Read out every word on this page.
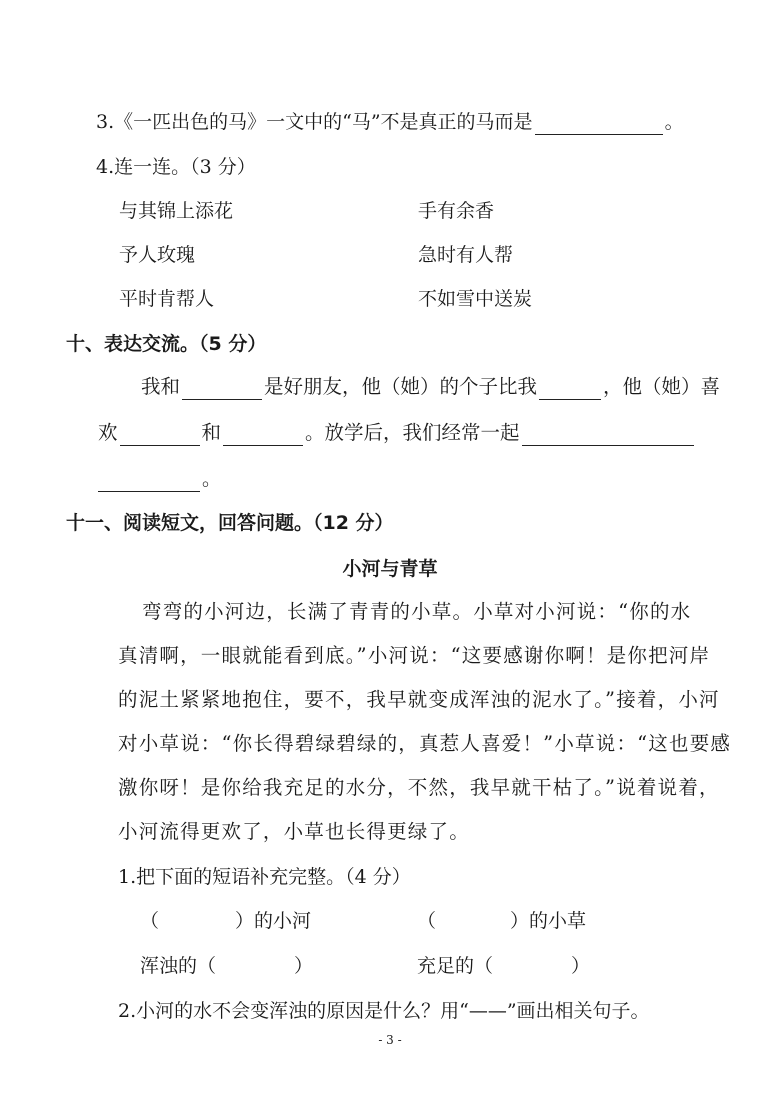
3.《一匹出色的马》一文中的“马”不是真正的马而是	。
4.连一连。（3 分）
与其锦上添花	手有余香
予人玫瑰	急时有人帮
平时肯帮人	不如雪中送炭
十、表达交流。（5 分）
我和	是好朋友，他（她）的个子比我	，他（她）喜
欢	和	。放学后，我们经常一起
。
十一、阅读短文，回答问题。（12 分）
小河与青草
弯弯的小河边，长满了青青的小草。小草对小河说：“你的水
真清啊，一眼就能看到底。”小河说：“这要感谢你啊！是你把河岸
的泥土紧紧地抱住，要不，我早就变成浑浊的泥水了。”接着，小河
对小草说：“你长得碧绿碧绿的，真惹人喜爱！”小草说：“这也要感
激你呀！是你给我充足的水分，不然，我早就干枯了。”说着说着，
小河流得更欢了，小草也长得更绿了。
1.把下面的短语补充完整。（4 分）
（	）的小河	（	）的小草
浑浊的（	）	充足的（	）
2.小河的水不会变浑浊的原因是什么？用“——”画出相关句子。
- 3 -
